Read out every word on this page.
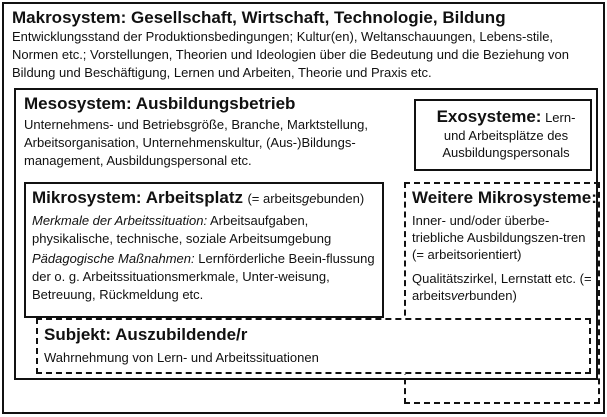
Makrosystem: Gesellschaft, Wirtschaft, Technologie, Bildung

Entwicklungsstand der Produktionsbedingungen; Kultur(en), Weltanschauungen, Lebens-stile, Normen etc.; Vorstellungen, Theorien und Ideologien über die Bedeutung und die Beziehung von Bildung und Beschäftigung, Lernen und Arbeiten, Theorie und Praxis etc.

Mesosystem: Ausbildungsbetrieb

Unternehmens- und Betriebsgröße, Branche, Marktstellung, Arbeitsorganisation, Unternehmenskultur, (Aus-)Bildungs-management, Ausbildungspersonal etc.

Exosysteme: Lern- und Arbeitsplätze des Ausbildungspersonals

Mikrosystem: Arbeitsplatz (= arbeitsgebunden)

Merkmale der Arbeitssituation: Arbeitsaufgaben, physikalische, technische, soziale Arbeitsumgebung

Pädagogische Maßnahmen: Lernförderliche Beein-flussung der o. g. Arbeitssituationsmerkmale, Unter-weisung, Betreuung, Rückmeldung etc.

Weitere Mikrosysteme:

Inner- und/oder überbe-triebliche Ausbildungszen-tren (= arbeitsorientiert)

Qualitätszirkel, Lernstatt etc. (= arbeitsverbunden)

Subjekt: Auszubildende/r

Wahrnehmung von Lern- und Arbeitssituationen
